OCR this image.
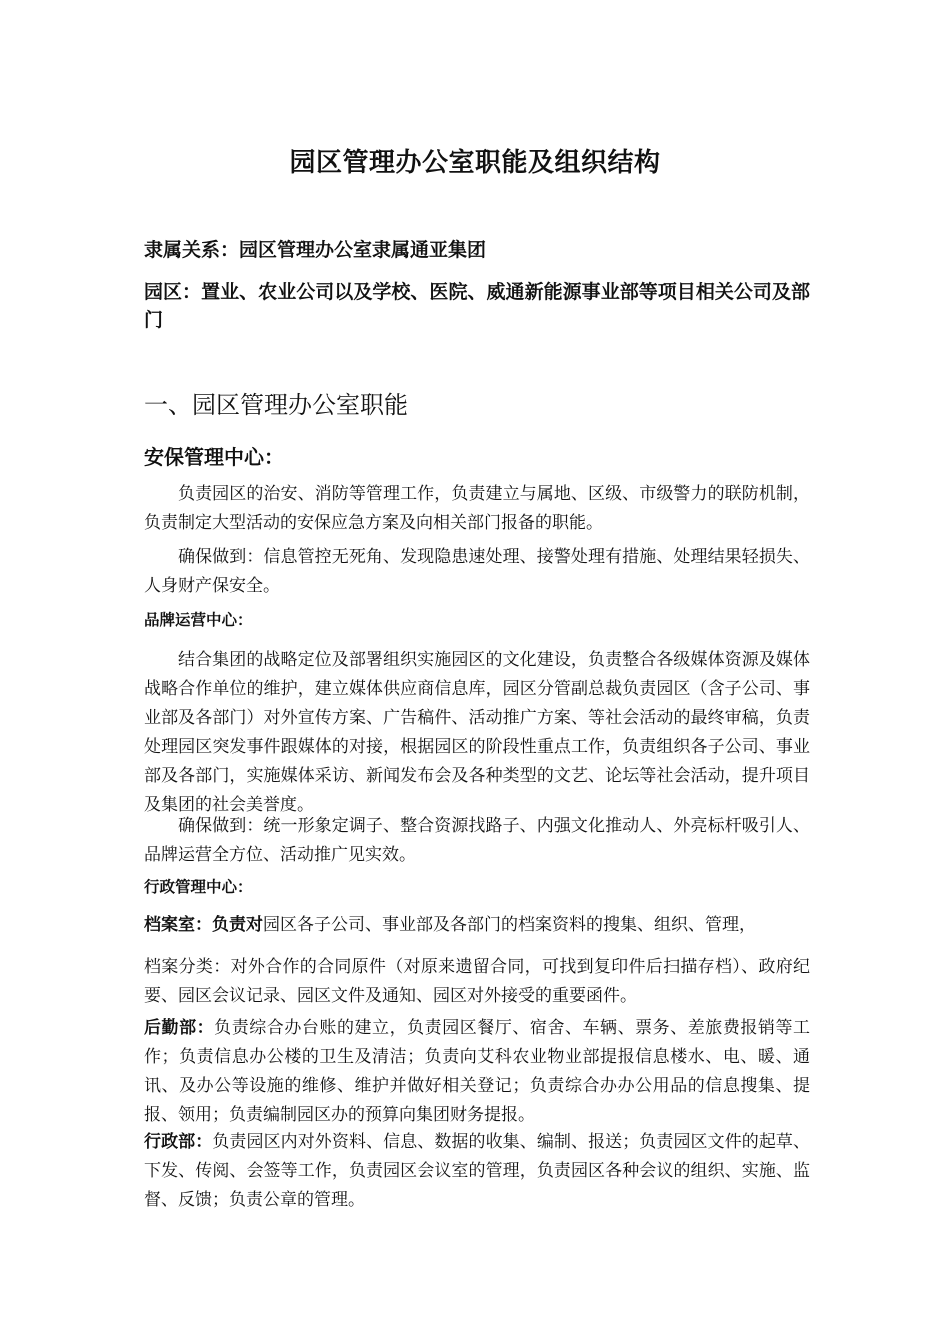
园区管理办公室职能及组织结构
隶属关系：园区管理办公室隶属通亚集团
园区：置业、农业公司以及学校、医院、威通新能源事业部等项目相关公司及部门
一、园区管理办公室职能
安保管理中心：
负责园区的治安、消防等管理工作，负责建立与属地、区级、市级警力的联防机制，负责制定大型活动的安保应急方案及向相关部门报备的职能。
确保做到：信息管控无死角、发现隐患速处理、接警处理有措施、处理结果轻损失、人身财产保安全。
品牌运营中心：
结合集团的战略定位及部署组织实施园区的文化建设，负责整合各级媒体资源及媒体战略合作单位的维护，建立媒体供应商信息库，园区分管副总裁负责园区（含子公司、事业部及各部门）对外宣传方案、广告稿件、活动推广方案、等社会活动的最终审稿，负责处理园区突发事件跟媒体的对接，根据园区的阶段性重点工作，负责组织各子公司、事业部及各部门，实施媒体采访、新闻发布会及各种类型的文艺、论坛等社会活动，提升项目及集团的社会美誉度。
确保做到：统一形象定调子、整合资源找路子、内强文化推动人、外亮标杆吸引人、品牌运营全方位、活动推广见实效。
行政管理中心：
档案室：负责对园区各子公司、事业部及各部门的档案资料的搜集、组织、管理，
档案分类：对外合作的合同原件（对原来遗留合同，可找到复印件后扫描存档）、政府纪要、园区会议记录、园区文件及通知、园区对外接受的重要函件。
后勤部：负责综合办台账的建立，负责园区餐厅、宿舍、车辆、票务、差旅费报销等工作；负责信息办公楼的卫生及清洁；负责向艾科农业物业部提报信息楼水、电、暖、通讯、及办公等设施的维修、维护并做好相关登记；负责综合办办公用品的信息搜集、提报、领用；负责编制园区办的预算向集团财务提报。
行政部：负责园区内对外资料、信息、数据的收集、编制、报送；负责园区文件的起草、下发、传阅、会签等工作，负责园区会议室的管理，负责园区各种会议的组织、实施、监督、反馈；负责公章的管理。
